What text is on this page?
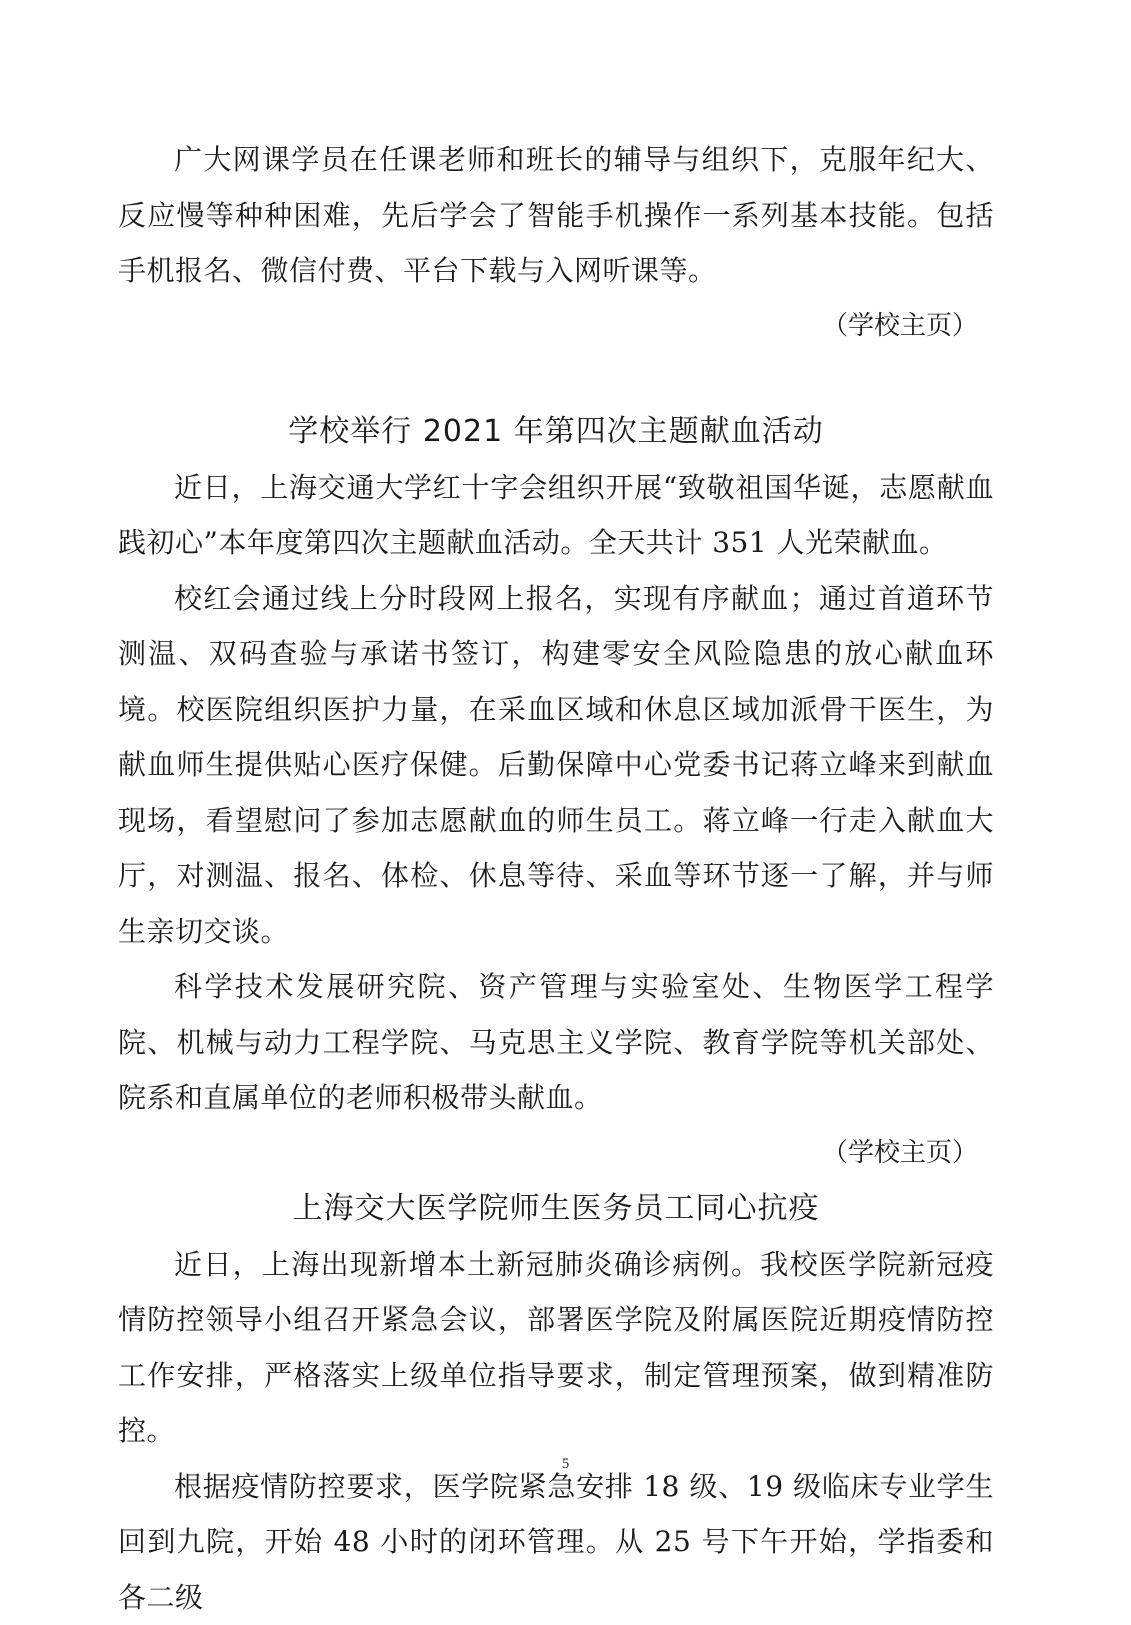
广大网课学员在任课老师和班长的辅导与组织下，克服年纪大、反应慢等种种困难，先后学会了智能手机操作一系列基本技能。包括手机报名、微信付费、平台下载与入网听课等。

（学校主页）
学校举行 2021 年第四次主题献血活动

近日，上海交通大学红十字会组织开展“致敬祖国华诞，志愿献血践初心”本年度第四次主题献血活动。全天共计 351 人光荣献血。

校红会通过线上分时段网上报名，实现有序献血；通过首道环节测温、双码查验与承诺书签订，构建零安全风险隐患的放心献血环境。校医院组织医护力量，在采血区域和休息区域加派骨干医生，为献血师生提供贴心医疗保健。后勤保障中心党委书记蒋立峰来到献血现场，看望慰问了参加志愿献血的师生员工。蒋立峰一行走入献血大厅，对测温、报名、体检、休息等待、采血等环节逐一了解，并与师生亲切交谈。

科学技术发展研究院、资产管理与实验室处、生物医学工程学院、机械与动力工程学院、马克思主义学院、教育学院等机关部处、院系和直属单位的老师积极带头献血。

（学校主页）
上海交大医学院师生医务员工同心抗疫

近日，上海出现新增本土新冠肺炎确诊病例。我校医学院新冠疫情防控领导小组召开紧急会议，部署医学院及附属医院近期疫情防控工作安排，严格落实上级单位指导要求，制定管理预案，做到精准防控。

根据疫情防控要求，医学院紧急安排 18 级、19 级临床专业学生回到九院，开始 48 小时的闭环管理。从 25 号下午开始，学指委和各二级

5
